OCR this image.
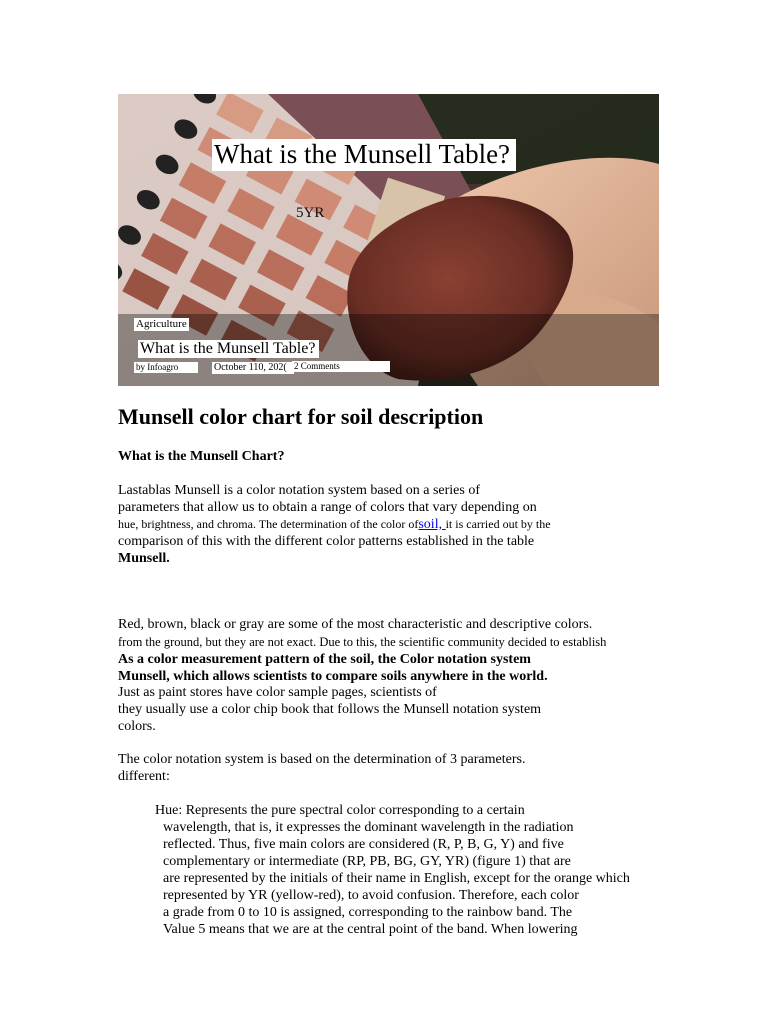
What is the Munsell Table?
5YR
Agriculture
What is the Munsell Table?
by Infoagro	October 110, 202( 2 Comments
Munsell color chart for soil description
What is the Munsell Chart?
Lastablas Munsell is a color notation system based on a series of
parameters that allow us to obtain a range of colors that vary depending on
hue, brightness, and chroma. The determination of the color ofsoil, it is carried out by the
comparison of this with the different color patterns established in the table
Munsell.
Red, brown, black or gray are some of the most characteristic and descriptive colors.
from the ground, but they are not exact. Due to this, the scientific community decided to establish
As a color measurement pattern of the soil, the Color notation system
Munsell, which allows scientists to compare soils anywhere in the world.
Just as paint stores have color sample pages, scientists of
they usually use a color chip book that follows the Munsell notation system
colors.
The color notation system is based on the determination of 3 parameters.
different:
Hue: Represents the pure spectral color corresponding to a certain
wavelength, that is, it expresses the dominant wavelength in the radiation
reflected. Thus, five main colors are considered (R, P, B, G, Y) and five
complementary or intermediate (RP, PB, BG, GY, YR) (figure 1) that are
are represented by the initials of their name in English, except for the orange which
represented by YR (yellow-red), to avoid confusion. Therefore, each color
a grade from 0 to 10 is assigned, corresponding to the rainbow band. The
Value 5 means that we are at the central point of the band. When lowering
